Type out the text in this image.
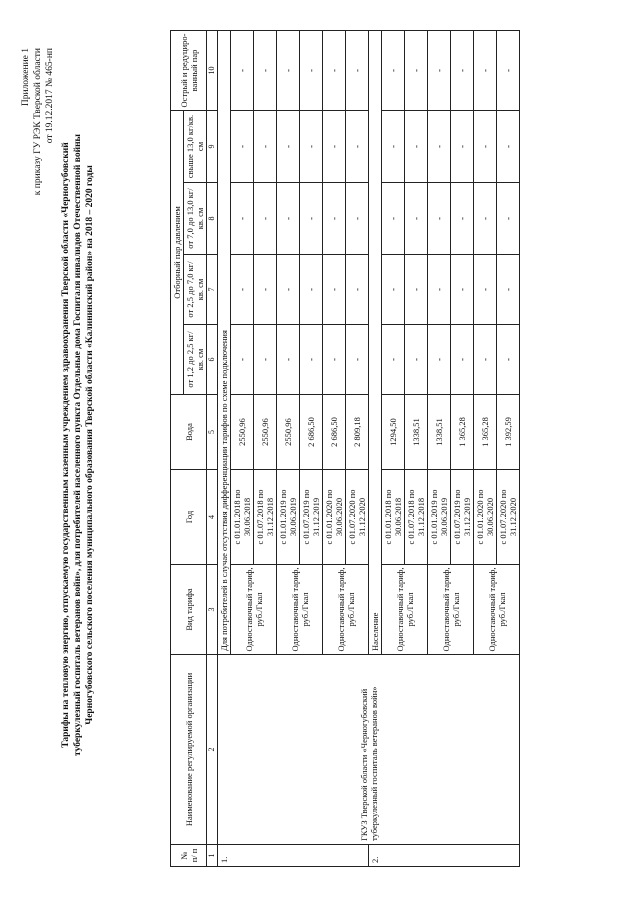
Приложение 1 к приказу ГУ РЭК Тверской области от 19.12.2017 № 465-нп
Тарифы на тепловую энергию, отпускаемую государственным казенным учреждением здравоохранения Тверской области «Черногубовский туберкулезный госпиталь ветеранов войн», для потребителей населенного пункта Отдельные дома Госпиталя инвалидов Отечественной войны Черногубовского сельского поселения муниципального образования Тверской области «Калининский район» на 2018 – 2020 годы
№ п/ п	Наименование регулируемой организации	Вид тарифа	Год	Вода	Отборный пар давлением				Острый и редуциро- ванный пар
					от 1,2 до 2,5 кг/кв. см	от 2,5 до 7,0 кг/кв. см	от 7,0 до 13,0 кг/кв. см	свыше 13,0 кг/кв. см	
1	2	3	4	5	6	7	8	9	10
1.	ГКУЗ Тверской области «Черногубовский туберкулезный госпиталь ветеранов войн»	Для потребителей в случае отсутствия дифференциации тарифов по схеме подключения							
		Одноставочный тариф, руб./Гкал	с 01.01.2018 по 30.06.2018	2550,96	-	-	-	-	-
			с 01.07.2018 по 31.12.2018	2550,96	-	-	-	-	-
		Одноставочный тариф, руб./Гкал	с 01.01.2019 по 30.06.2019	2550,96	-	-	-	-	-
			с 01.07.2019 по 31.12.2019	2 686,50	-	-	-	-	-
		Одноставочный тариф, руб./Гкал	с 01.01.2020 по 30.06.2020	2 686,50	-	-	-	-	-
			с 01.07.2020 по 31.12.2020	2 809,18	-	-	-	-	-
2.		Население							
		Одноставочный тариф, руб./Гкал	с 01.01.2018 по 30.06.2018	1294,50	-	-	-	-	-
			с 01.07.2018 по 31.12.2018	1338,51	-	-	-	-	-
		Одноставочный тариф, руб./Гкал	с 01.01.2019 по 30.06.2019	1338,51	-	-	-	-	-
			с 01.07.2019 по 31.12.2019	1 365,28	-	-	-	-	-
		Одноставочный тариф, руб./Гкал	с 01.01.2020 по 30.06.2020	1 365,28	-	-	-	-	-
			с 01.07.2020 по 31.12.2020	1 392,59	-	-	-	-	-
